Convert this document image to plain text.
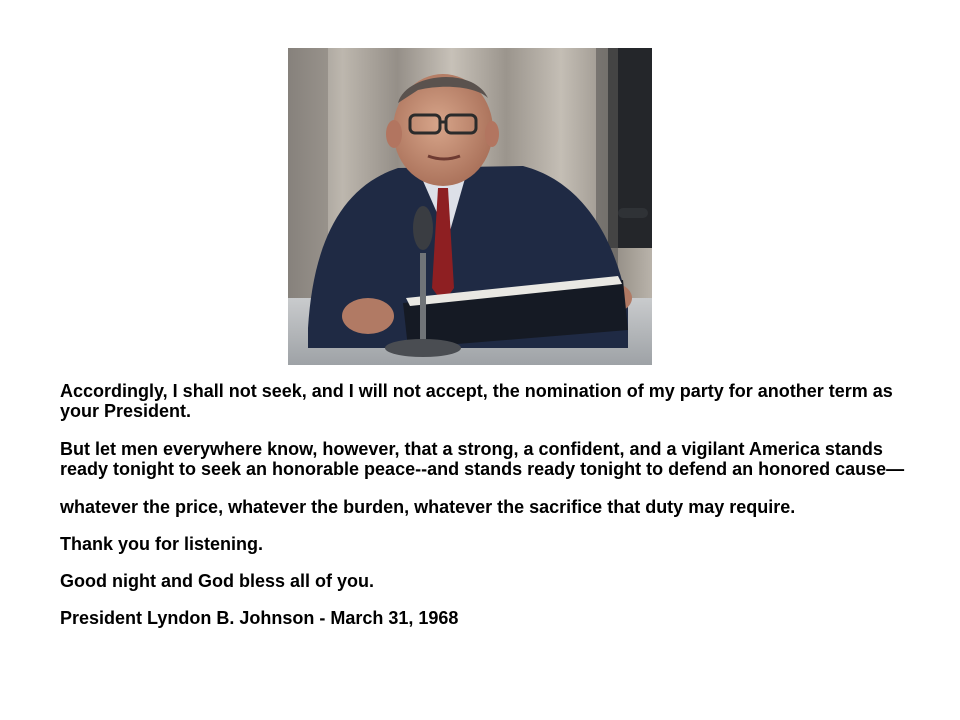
Accordingly, I shall not seek, and I will not accept, the nomination of my party for another term as your President.

But let men everywhere know, however, that a strong, a confident, and a vigilant America stands ready tonight to seek an honorable peace--and stands ready tonight to defend an honored cause—

whatever the price, whatever the burden, whatever the sacrifice that duty may require.

Thank you for listening.

Good night and God bless all of you.

President Lyndon B. Johnson - March 31, 1968
